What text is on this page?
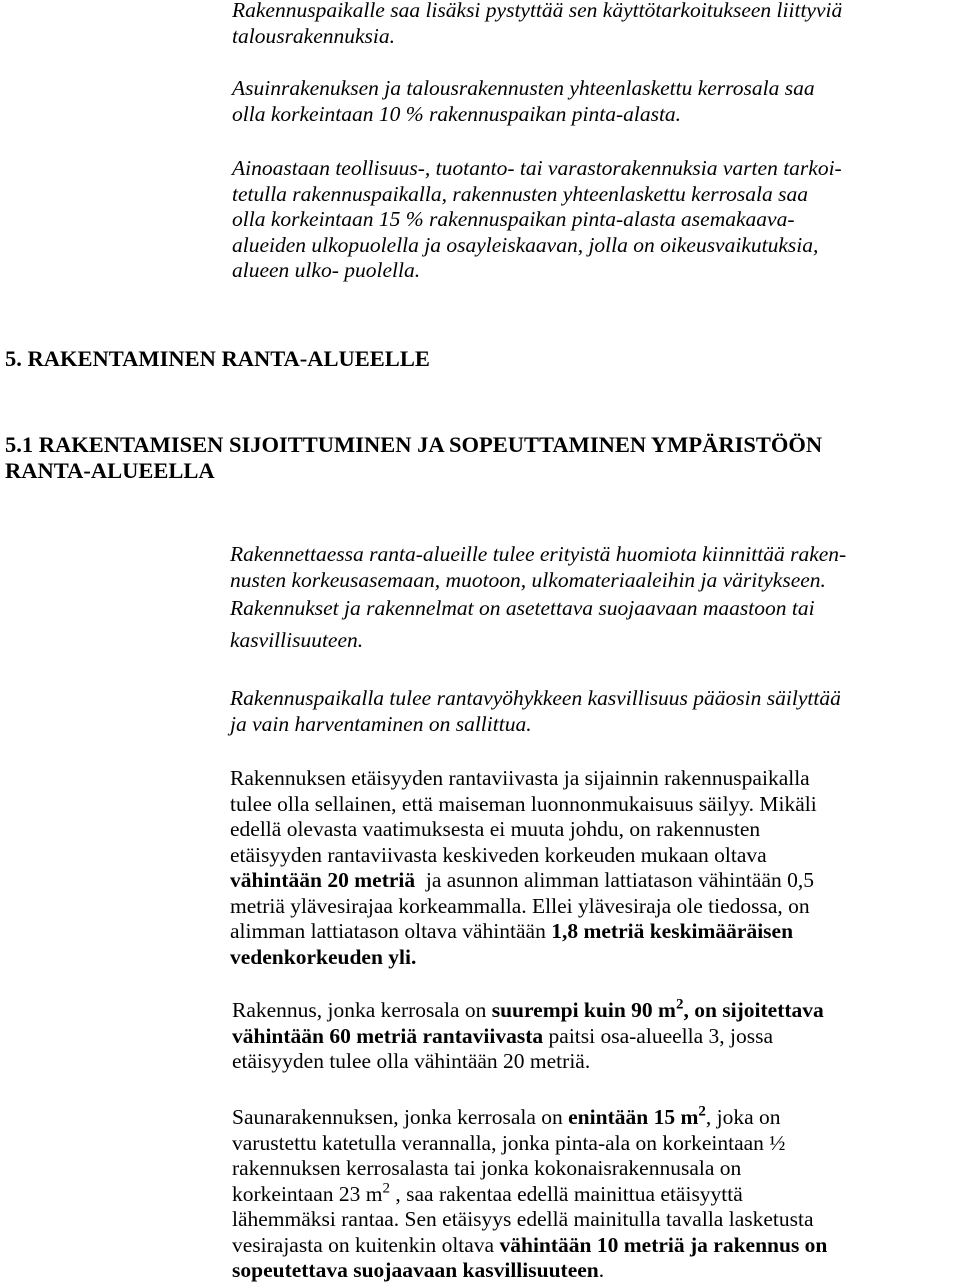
Rakennuspaikalle saa lisäksi pystyttää sen käyttötarkoitukseen liittyviä
talousrakennuksia.
Asuinrakenuksen ja talousrakennusten yhteenlaskettu kerrosala saa
olla korkeintaan 10 % rakennuspaikan pinta-alasta.
Ainoastaan teollisuus-, tuotanto- tai varastorakennuksia varten tarkoi-
tetulla rakennuspaikalla, rakennusten yhteenlaskettu kerrosala saa
olla korkeintaan 15 % rakennuspaikan pinta-alasta asemakaava-
alueiden ulkopuolella ja osayleiskaavan, jolla on oikeusvaikutuksia,
alueen ulko- puolella.
5. RAKENTAMINEN RANTA-ALUEELLE
5.1 RAKENTAMISEN SIJOITTUMINEN JA SOPEUTTAMINEN YMPÄRISTÖÖN
RANTA-ALUEELLA
Rakennettaessa ranta-alueille tulee erityistä huomiota kiinnittää raken-
nusten korkeusasemaan, muotoon, ulkomateriaaleihin ja väritykseen.
Rakennukset ja rakennelmat on asetettava suojaavaan maastoon tai
kasvillisuuteen.
Rakennuspaikalla tulee rantavyöhykkeen kasvillisuus pääosin säilyttää
ja vain harventaminen on sallittua.
Rakennuksen etäisyyden rantaviivasta ja sijainnin rakennuspaikalla
tulee olla sellainen, että maiseman luonnonmukaisuus säilyy. Mikäli
edellä olevasta vaatimuksesta ei muuta johdu, on rakennusten
etäisyyden rantaviivasta keskiveden korkeuden mukaan oltava
vähintään 20 metriä  ja asunnon alimman lattiatason vähintään 0,5
metriä ylävesirajaa korkeammalla. Ellei ylävesiraja ole tiedossa, on
alimman lattiatason oltava vähintään 1,8 metriä keskimääräisen
vedenkorkeuden yli.
Rakennus, jonka kerrosala on suurempi kuin 90 $m^2$, on sijoitettava
vähintään 60 metriä rantaviivasta paitsi osa-alueella 3, jossa
etäisyyden tulee olla vähintään 20 metriä.
Saunarakennuksen, jonka kerrosala on enintään 15 $m^2$, joka on
varustettu katetulla verannalla, jonka pinta-ala on korkeintaan ½
rakennuksen kerrosalasta tai jonka kokonaisrakennusala on
korkeintaan 23 $m^2$ , saa rakentaa edellä mainittua etäisyyttä
lähemmäksi rantaa. Sen etäisyys edellä mainitulla tavalla lasketusta
vesirajasta on kuitenkin oltava vähintään 10 metriä ja rakennus on
sopeutettava suojaavaan kasvillisuuteen.
